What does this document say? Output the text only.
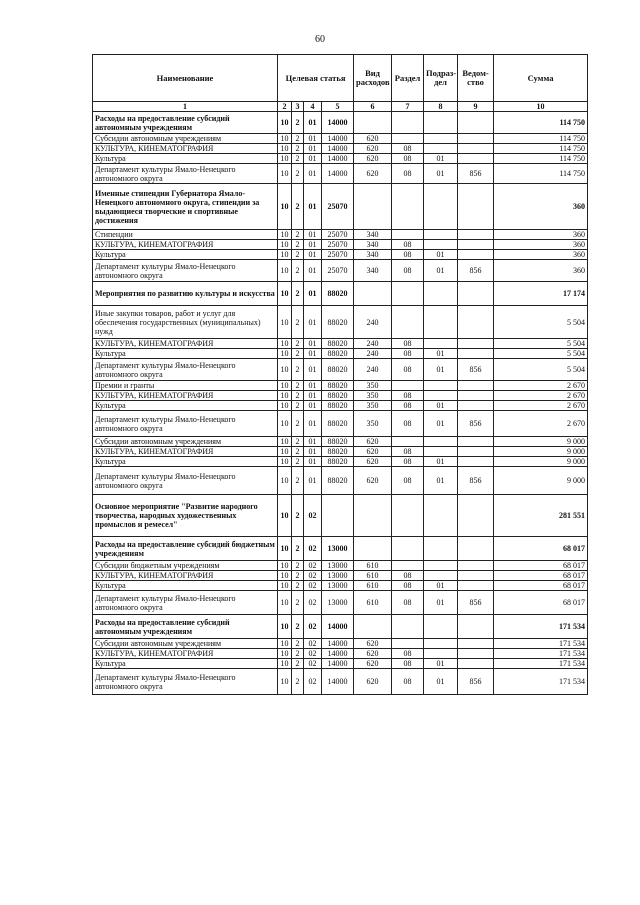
60
Наименование	Целевая статья				Вид расходов	Раздел	Подраз-дел	Ведом-ство	Сумма
1	2	3	4	5	6	7	8	9	10
Расходы на предоставление субсидий автономным учреждениям	10	2	01	14000					114 750
Субсидии автономным учреждениям	10	2	01	14000	620				114 750
КУЛЬТУРА, КИНЕМАТОГРАФИЯ	10	2	01	14000	620	08			114 750
Культура	10	2	01	14000	620	08	01		114 750
Департамент культуры Ямало-Ненецкого автономного округа	10	2	01	14000	620	08	01	856	114 750
Именные стипендии Губернатора Ямало-Ненецкого автономного округа, стипендии за выдающиеся творческие и спортивные достижения	10	2	01	25070					360
Стипендии	10	2	01	25070	340				360
КУЛЬТУРА, КИНЕМАТОГРАФИЯ	10	2	01	25070	340	08			360
Культура	10	2	01	25070	340	08	01		360
Департамент культуры Ямало-Ненецкого автономного округа	10	2	01	25070	340	08	01	856	360
Мероприятия по развитию культуры и искусства	10	2	01	88020					17 174
Иные закупки товаров, работ и услуг для обеспечения государственных (муниципальных) нужд	10	2	01	88020	240				5 504
КУЛЬТУРА, КИНЕМАТОГРАФИЯ	10	2	01	88020	240	08			5 504
Культура	10	2	01	88020	240	08	01		5 504
Департамент культуры Ямало-Ненецкого автономного округа	10	2	01	88020	240	08	01	856	5 504
Премии и гранты	10	2	01	88020	350				2 670
КУЛЬТУРА, КИНЕМАТОГРАФИЯ	10	2	01	88020	350	08			2 670
Культура	10	2	01	88020	350	08	01		2 670
Департамент культуры Ямало-Ненецкого автономного округа	10	2	01	88020	350	08	01	856	2 670
Субсидии автономным учреждениям	10	2	01	88020	620				9 000
КУЛЬТУРА, КИНЕМАТОГРАФИЯ	10	2	01	88020	620	08			9 000
Культура	10	2	01	88020	620	08	01		9 000
Департамент культуры Ямало-Ненецкого автономного округа	10	2	01	88020	620	08	01	856	9 000
Основное мероприятие "Развитие народного творчества, народных художественных промыслов и ремесел"	10	2	02						281 551
Расходы на предоставление субсидий бюджетным учреждениям	10	2	02	13000					68 017
Субсидии бюджетным учреждениям	10	2	02	13000	610				68 017
КУЛЬТУРА, КИНЕМАТОГРАФИЯ	10	2	02	13000	610	08			68 017
Культура	10	2	02	13000	610	08	01		68 017
Департамент культуры Ямало-Ненецкого автономного округа	10	2	02	13000	610	08	01	856	68 017
Расходы на предоставление субсидий автономным учреждениям	10	2	02	14000					171 534
Субсидии автономным учреждениям	10	2	02	14000	620				171 534
КУЛЬТУРА, КИНЕМАТОГРАФИЯ	10	2	02	14000	620	08			171 534
Культура	10	2	02	14000	620	08	01		171 534
Департамент культуры Ямало-Ненецкого автономного округа	10	2	02	14000	620	08	01	856	171 534
